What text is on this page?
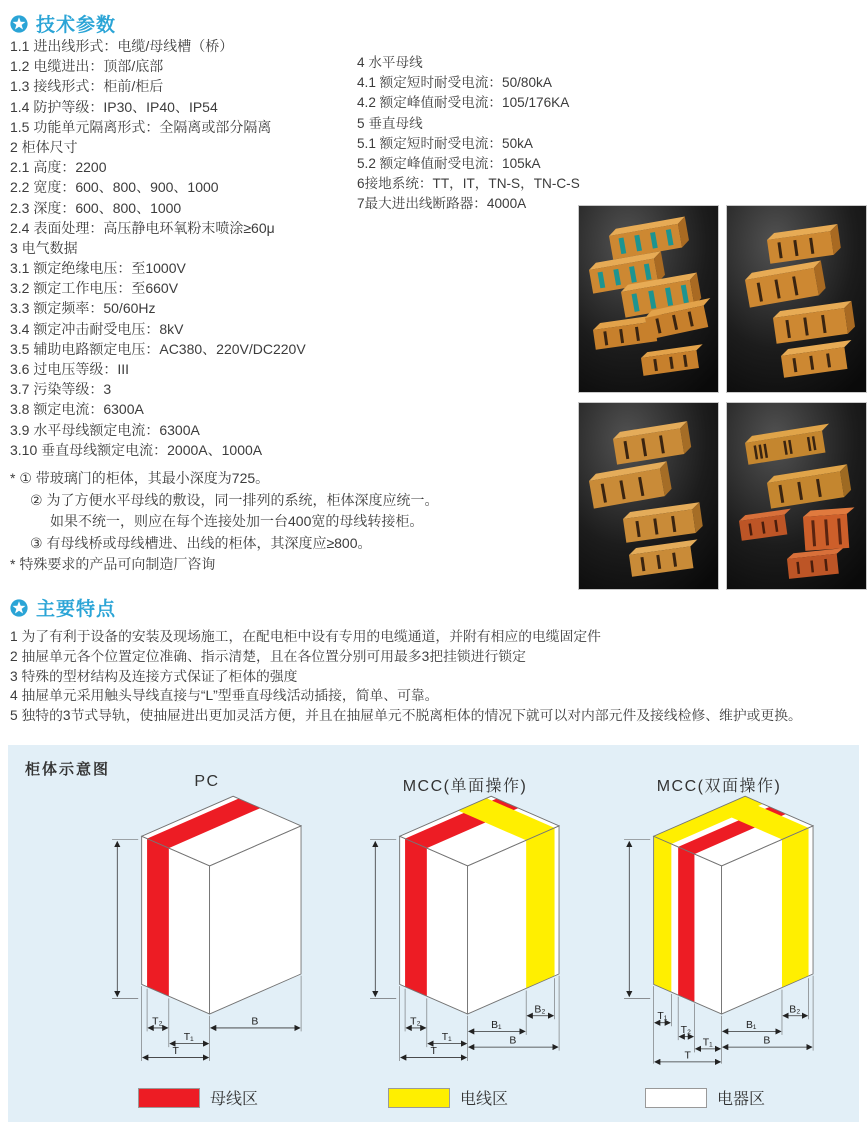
技术参数
1.1 进出线形式：电缆/母线槽（桥）
1.2 电缆进出：顶部/底部
1.3 接线形式：柜前/柜后
1.4 防护等级：IP30、IP40、IP54
1.5 功能单元隔离形式：全隔离或部分隔离
2 柜体尺寸
2.1 高度：2200
2.2 宽度：600、800、900、1000
2.3 深度：600、800、1000
2.4 表面处理：高压静电环氧粉末喷涂≥60μ
3 电气数据
3.1 额定绝缘电压：至1000V
3.2 额定工作电压：至660V
3.3 额定频率：50/60Hz
3.4 额定冲击耐受电压：8kV
3.5 辅助电路额定电压：AC380、220V/DC220V
3.6 过电压等级：III
3.7 污染等级：3
3.8 额定电流：6300A
3.9 水平母线额定电流：6300A
3.10 垂直母线额定电流：2000A、1000A
4 水平母线
4.1 额定短时耐受电流：50/80kA
4.2 额定峰值耐受电流：105/176KA
5 垂直母线
5.1 额定短时耐受电流：50kA
5.2 额定峰值耐受电流：105kA
6接地系统：TT，IT，TN-S，TN-C-S
7最大进出线断路器：4000A
* ① 带玻璃门的柜体，其最小深度为725。
② 为了方便水平母线的敷设，同一排列的系统，柜体深度应统一。
如果不统一，则应在每个连接处加一台400宽的母线转接柜。
③ 有母线桥或母线槽进、出线的柜体，其深度应≥800。
* 特殊要求的产品可向制造厂咨询
主要特点
1 为了有利于设备的安装及现场施工，在配电柜中设有专用的电缆通道，并附有相应的电缆固定件
2 抽屉单元各个位置定位准确、指示清楚，且在各位置分别可用最多3把挂锁进行锁定
3 特殊的型材结构及连接方式保证了柜体的强度
4 抽屉单元采用触头导线直接与“L”型垂直母线活动插接，简单、可靠。
5 独特的3节式导轨，使抽屉进出更加灵活方便，并且在抽屉单元不脱离柜体的情况下就可以对内部元件及接线检修、维护或更换。
柜体示意图
PC	MCC(单面操作)	MCC(双面操作)
T₂
T₁
T
B	T₂
T₁
T
B₂
B₁
B
T₁
T₂
T₁
T
B₂
B₁
B
母线区	电线区	电器区
